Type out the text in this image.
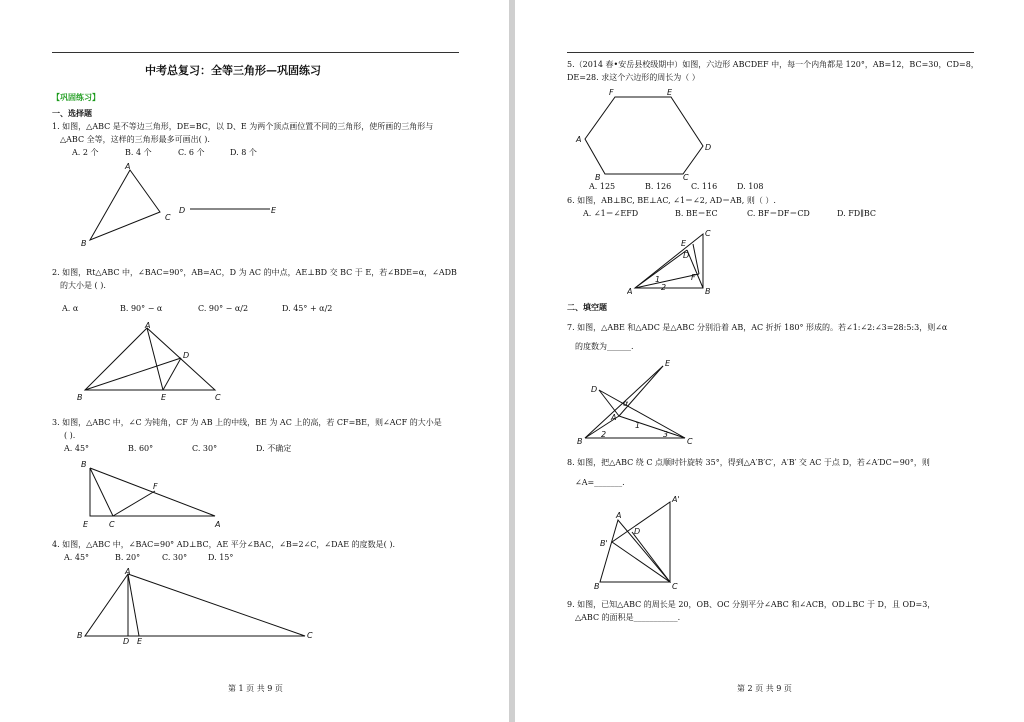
中考总复习：全等三角形—巩固练习
【巩固练习】
一、选择题
1. 如图，△ABC 是不等边三角形，DE=BC，以 D、E 为两个顶点画位置不同的三角形，使所画的三角形与
△ABC 全等，这样的三角形最多可画出( ).
A. 2 个	B. 4 个	C. 6 个	D. 8 个
A
B
C
D	E
2. 如图，Rt△ABC 中，∠BAC=90°，AB=AC，D 为 AC 的中点，AE⊥BD 交 BC 于 E，若∠BDE=α，∠ADB
的大小是 ( ).
A. α	B. 90° − α	C. 90° − α/2	D. 45° + α/2
A
B	C
D
E
3. 如图，△ABC 中，∠C 为钝角，CF 为 AB 上的中线，BE 为 AC 上的高，若 CF=BE，则∠ACF 的大小是
( ).
A. 45°	B. 60°	C. 30°	D. 不确定
B
F
E	C	A
4. 如图，△ABC 中，∠BAC=90° AD⊥BC，AE 平分∠BAC，∠B=2∠C，∠DAE 的度数是( ).
A. 45°	B. 20°	C. 30°	D. 15°
A
B
D E
C
第 1 页 共 9 页
5.（2014 春•安岳县校级期中）如图，六边形 ABCDEF 中，每一个内角都是 120°，AB=12，BC=30，CD=8，
DE=28. 求这个六边形的周长为（ ）
F	E
A
D
B	C
A. 125	B. 126 C. 116 D. 108
6. 如图，AB⊥BC, BE⊥AC, ∠1＝∠2, AD＝AB, 则（ ）.
A. ∠1＝∠EFD	B. BE＝EC	C. BF＝DF＝CD	D. FD∥BC
C
E
D
A
F
B
1
2
二、填空题
7. 如图，△ABE 和△ADC 是△ABC 分别沿着 AB，AC 折折 180° 形成的。若∠1:∠2:∠3=28:5:3，则∠α
的度数为______.
E
D
α
A
1
B
2	3
C
8. 如图，把△ABC 绕 C 点顺时针旋转 35°，得到△A′B′C′，A′B′ 交 AC 于点 D，若∠A′DC＝90°，则
∠A=_______.
A'
A
D
B'
B	C
9. 如图，已知△ABC 的周长是 20，OB、OC 分别平分∠ABC 和∠ACB，OD⊥BC 于 D，且 OD=3，
△ABC 的面积是___________.
第 2 页 共 9 页
